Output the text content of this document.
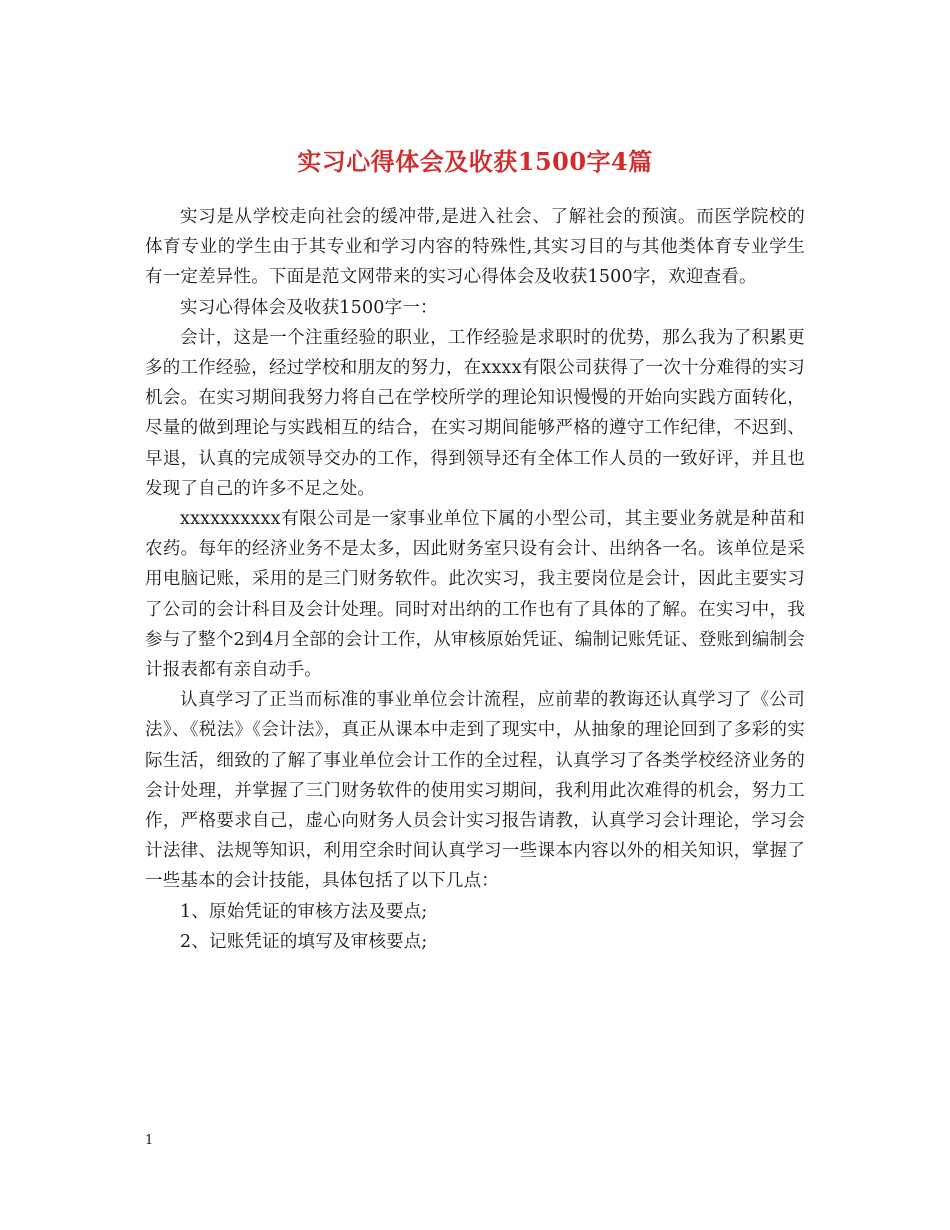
实习心得体会及收获1500字4篇

实习是从学校走向社会的缓冲带,是进入社会、了解社会的预演。而医学院校的体育专业的学生由于其专业和学习内容的特殊性,其实习目的与其他类体育专业学生有一定差异性。下面是范文网带来的实习心得体会及收获1500字，欢迎查看。

实习心得体会及收获1500字一：

会计，这是一个注重经验的职业，工作经验是求职时的优势，那么我为了积累更多的工作经验，经过学校和朋友的努力，在xxxx有限公司获得了一次十分难得的实习机会。在实习期间我努力将自己在学校所学的理论知识慢慢的开始向实践方面转化，尽量的做到理论与实践相互的结合，在实习期间能够严格的遵守工作纪律，不迟到、早退，认真的完成领导交办的工作，得到领导还有全体工作人员的一致好评，并且也发现了自己的许多不足之处。

xxxxxxxxxx有限公司是一家事业单位下属的小型公司，其主要业务就是种苗和农药。每年的经济业务不是太多，因此财务室只设有会计、出纳各一名。该单位是采用电脑记账，采用的是三门财务软件。此次实习，我主要岗位是会计，因此主要实习了公司的会计科目及会计处理。同时对出纳的工作也有了具体的了解。在实习中，我参与了整个2到4月全部的会计工作，从审核原始凭证、编制记账凭证、登账到编制会计报表都有亲自动手。

认真学习了正当而标准的事业单位会计流程，应前辈的教诲还认真学习了《公司法》、《税法》《会计法》，真正从课本中走到了现实中，从抽象的理论回到了多彩的实际生活，细致的了解了事业单位会计工作的全过程，认真学习了各类学校经济业务的会计处理，并掌握了三门财务软件的使用实习期间，我利用此次难得的机会，努力工作，严格要求自己，虚心向财务人员会计实习报告请教，认真学习会计理论，学习会计法律、法规等知识，利用空余时间认真学习一些课本内容以外的相关知识，掌握了一些基本的会计技能，具体包括了以下几点：

1、原始凭证的审核方法及要点;

2、记账凭证的填写及审核要点;

1
